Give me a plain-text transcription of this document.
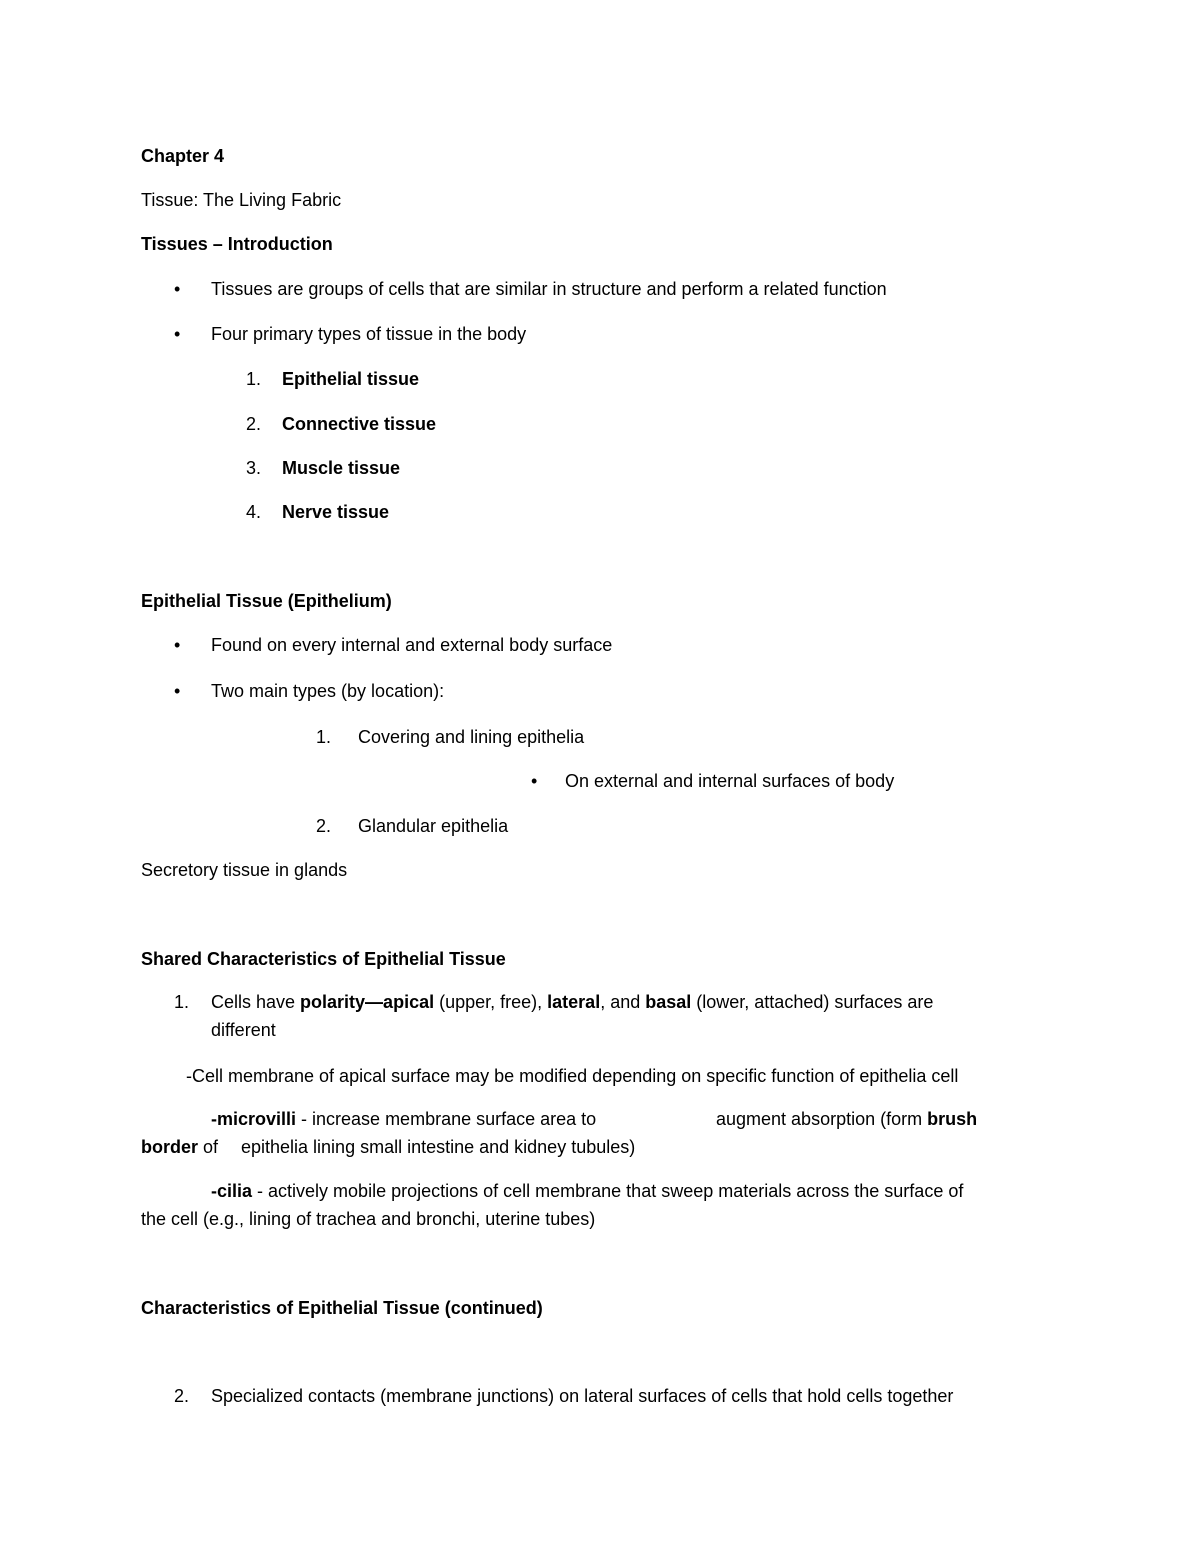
Chapter 4
Tissue: The Living Fabric
Tissues – Introduction
•
Tissues are groups of cells that are similar in structure and perform a related function
•
Four primary types of tissue in the body
1. Epithelial tissue
2. Connective tissue
3. Muscle tissue
4. Nerve tissue
Epithelial Tissue (Epithelium)
•
Found on every internal and external body surface
•
Two main types (by location):
1. Covering and lining epithelia
•
On external and internal surfaces of body
2. Glandular epithelia
Secretory tissue in glands
Shared Characteristics of Epithelial Tissue
1. Cells have polarity—apical (upper, free), lateral, and basal (lower, attached) surfaces are
different
-Cell membrane of apical surface may be modified depending on specific function of epithelia cell
-microvilli - increase membrane surface area to	augment absorption (form brush
border of epithelia lining small intestine and kidney tubules)
-cilia - actively mobile projections of cell membrane that sweep materials across the surface of
the cell (e.g., lining of trachea and bronchi, uterine tubes)
Characteristics of Epithelial Tissue (continued)
2. Specialized contacts (membrane junctions) on lateral surfaces of cells that hold cells together
